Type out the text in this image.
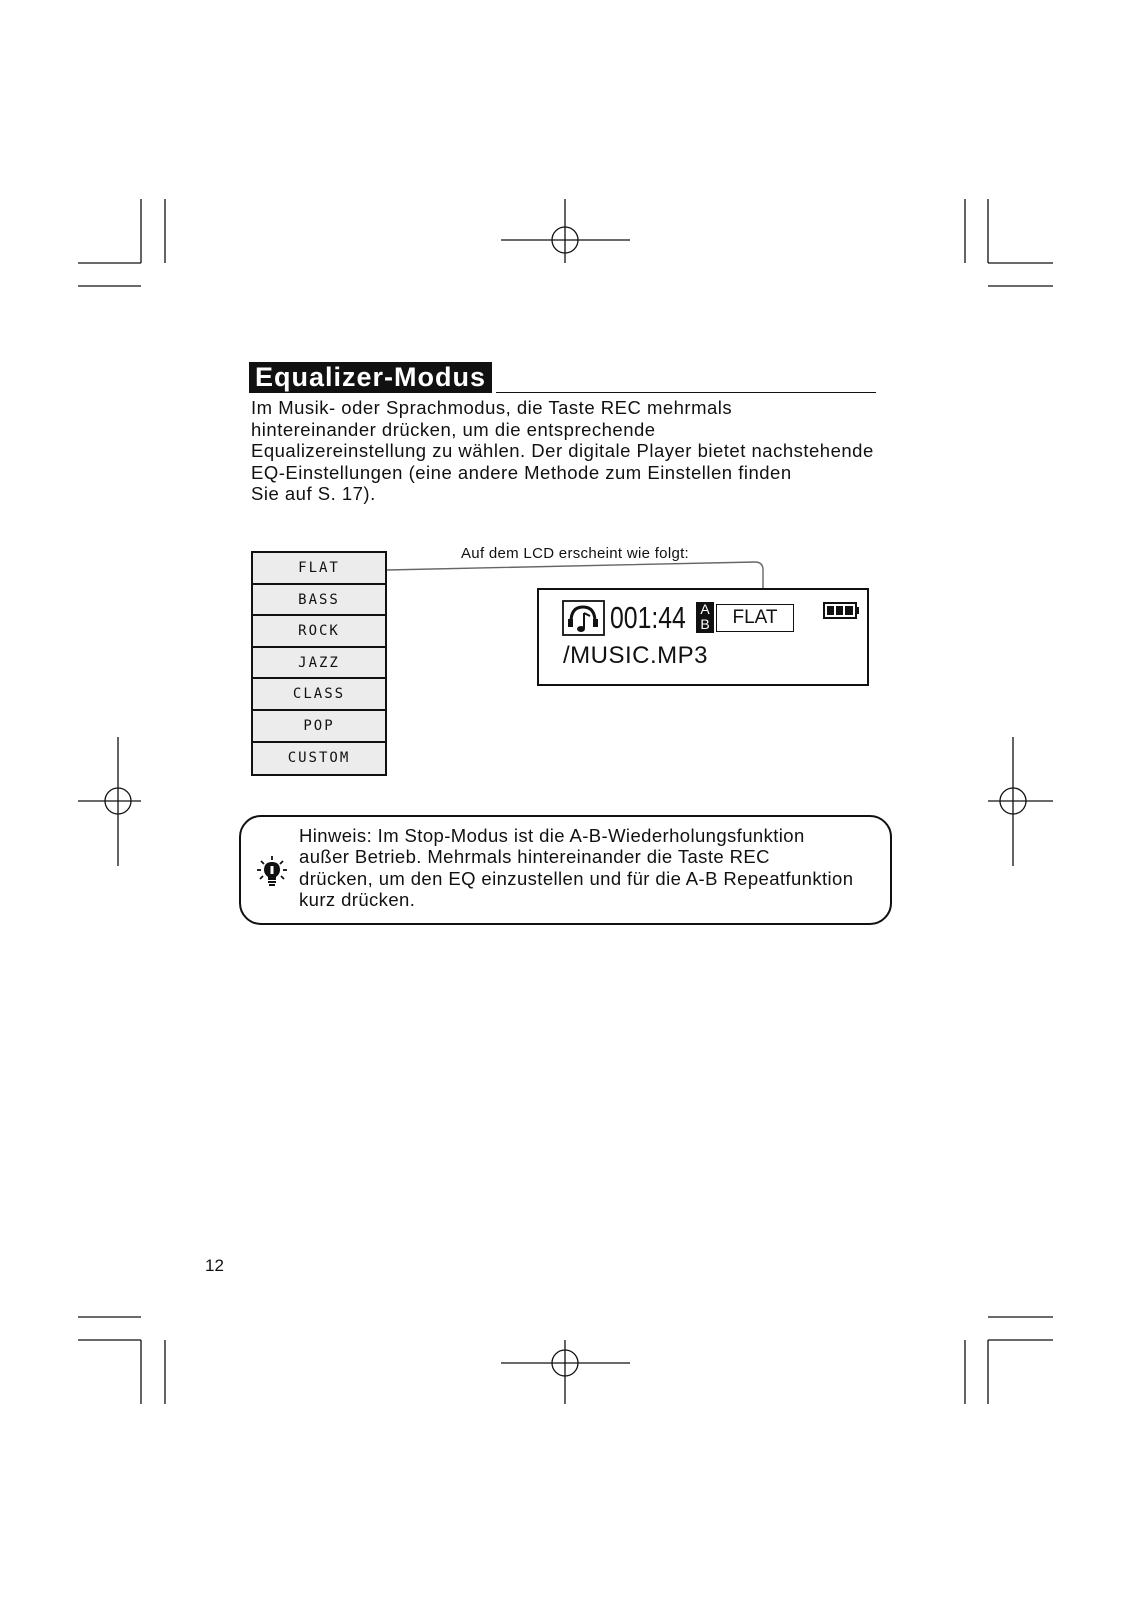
Equalizer-Modus
Im Musik- oder Sprachmodus, die Taste REC mehrmals
hintereinander drücken, um die entsprechende
Equalizereinstellung zu wählen. Der digitale Player bietet nachstehende
EQ-Einstellungen (eine andere Methode zum Einstellen finden
Sie auf S. 17).
FLAT
BASS
ROCK
JAZZ
CLASS
POP
CUSTOM
Auf dem LCD erscheint wie folgt:
001:44	A
B	FLAT
/MUSIC.MP3
Hinweis: Im Stop-Modus ist die A-B-Wiederholungsfunktion
außer Betrieb. Mehrmals hintereinander die Taste REC
drücken, um den EQ einzustellen und für die A-B Repeatfunktion
kurz drücken.
12
